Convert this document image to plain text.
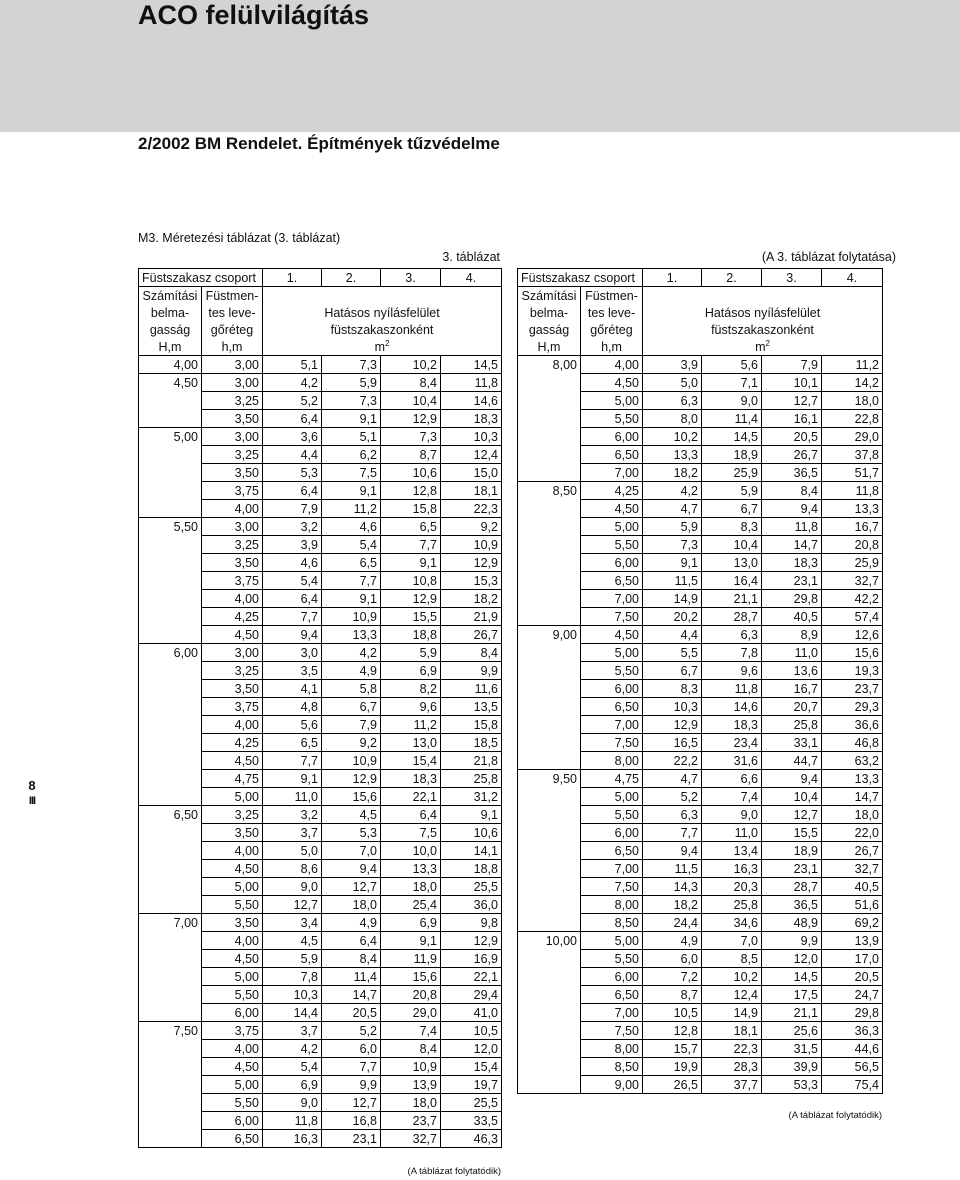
ACO felülvilágítás
2/2002 BM Rendelet. Építmények tűzvédelme
M3. Méretezési táblázat (3. táblázat)
3. táblázat	(A 3. táblázat folytatása)
8
III
Füstszakasz csoport		1.	2.	3.	4.
Számítási	Füstmen-				
belma-	tes leve-	Hatásos nyílásfelület			
gasság	gőréteg	füstszakaszonként			
H,m	h,m	$m^2$
4,00	3,00	5,1	7,3	10,2	14,5
4,50	3,00	4,2	5,9	8,4	11,8
	3,25	5,2	7,3	10,4	14,6
	3,50	6,4	9,1	12,9	18,3
5,00	3,00	3,6	5,1	7,3	10,3
	3,25	4,4	6,2	8,7	12,4
	3,50	5,3	7,5	10,6	15,0
	3,75	6,4	9,1	12,8	18,1
	4,00	7,9	11,2	15,8	22,3
5,50	3,00	3,2	4,6	6,5	9,2
	3,25	3,9	5,4	7,7	10,9
	3,50	4,6	6,5	9,1	12,9
	3,75	5,4	7,7	10,8	15,3
	4,00	6,4	9,1	12,9	18,2
	4,25	7,7	10,9	15,5	21,9
	4,50	9,4	13,3	18,8	26,7
6,00	3,00	3,0	4,2	5,9	8,4
	3,25	3,5	4,9	6,9	9,9
	3,50	4,1	5,8	8,2	11,6
	3,75	4,8	6,7	9,6	13,5
	4,00	5,6	7,9	11,2	15,8
	4,25	6,5	9,2	13,0	18,5
	4,50	7,7	10,9	15,4	21,8
	4,75	9,1	12,9	18,3	25,8
	5,00	11,0	15,6	22,1	31,2
6,50	3,25	3,2	4,5	6,4	9,1
	3,50	3,7	5,3	7,5	10,6
	4,00	5,0	7,0	10,0	14,1
	4,50	8,6	9,4	13,3	18,8
	5,00	9,0	12,7	18,0	25,5
	5,50	12,7	18,0	25,4	36,0
7,00	3,50	3,4	4,9	6,9	9,8
	4,00	4,5	6,4	9,1	12,9
	4,50	5,9	8,4	11,9	16,9
	5,00	7,8	11,4	15,6	22,1
	5,50	10,3	14,7	20,8	29,4
	6,00	14,4	20,5	29,0	41,0
7,50	3,75	3,7	5,2	7,4	10,5
	4,00	4,2	6,0	8,4	12,0
	4,50	5,4	7,7	10,9	15,4
	5,00	6,9	9,9	13,9	19,7
	5,50	9,0	12,7	18,0	25,5
	6,00	11,8	16,8	23,7	33,5
	6,50	16,3	23,1	32,7	46,3
(A táblázat folytatódik)
Füstszakasz csoport		1.	2.	3.	4.
Számítási	Füstmen-				
belma-	tes leve-	Hatásos nyílásfelület			
gasság	gőréteg	füstszakaszonként			
H,m	h,m	$m^2$
8,00	4,00	3,9	5,6	7,9	11,2
	4,50	5,0	7,1	10,1	14,2
	5,00	6,3	9,0	12,7	18,0
	5,50	8,0	11,4	16,1	22,8
	6,00	10,2	14,5	20,5	29,0
	6,50	13,3	18,9	26,7	37,8
	7,00	18,2	25,9	36,5	51,7
8,50	4,25	4,2	5,9	8,4	11,8
	4,50	4,7	6,7	9,4	13,3
	5,00	5,9	8,3	11,8	16,7
	5,50	7,3	10,4	14,7	20,8
	6,00	9,1	13,0	18,3	25,9
	6,50	11,5	16,4	23,1	32,7
	7,00	14,9	21,1	29,8	42,2
	7,50	20,2	28,7	40,5	57,4
9,00	4,50	4,4	6,3	8,9	12,6
	5,00	5,5	7,8	11,0	15,6
	5,50	6,7	9,6	13,6	19,3
	6,00	8,3	11,8	16,7	23,7
	6,50	10,3	14,6	20,7	29,3
	7,00	12,9	18,3	25,8	36,6
	7,50	16,5	23,4	33,1	46,8
	8,00	22,2	31,6	44,7	63,2
9,50	4,75	4,7	6,6	9,4	13,3
	5,00	5,2	7,4	10,4	14,7
	5,50	6,3	9,0	12,7	18,0
	6,00	7,7	11,0	15,5	22,0
	6,50	9,4	13,4	18,9	26,7
	7,00	11,5	16,3	23,1	32,7
	7,50	14,3	20,3	28,7	40,5
	8,00	18,2	25,8	36,5	51,6
	8,50	24,4	34,6	48,9	69,2
10,00	5,00	4,9	7,0	9,9	13,9
	5,50	6,0	8,5	12,0	17,0
	6,00	7,2	10,2	14,5	20,5
	6,50	8,7	12,4	17,5	24,7
	7,00	10,5	14,9	21,1	29,8
	7,50	12,8	18,1	25,6	36,3
	8,00	15,7	22,3	31,5	44,6
	8,50	19,9	28,3	39,9	56,5
	9,00	26,5	37,7	53,3	75,4
(A táblázat folytatódik)
